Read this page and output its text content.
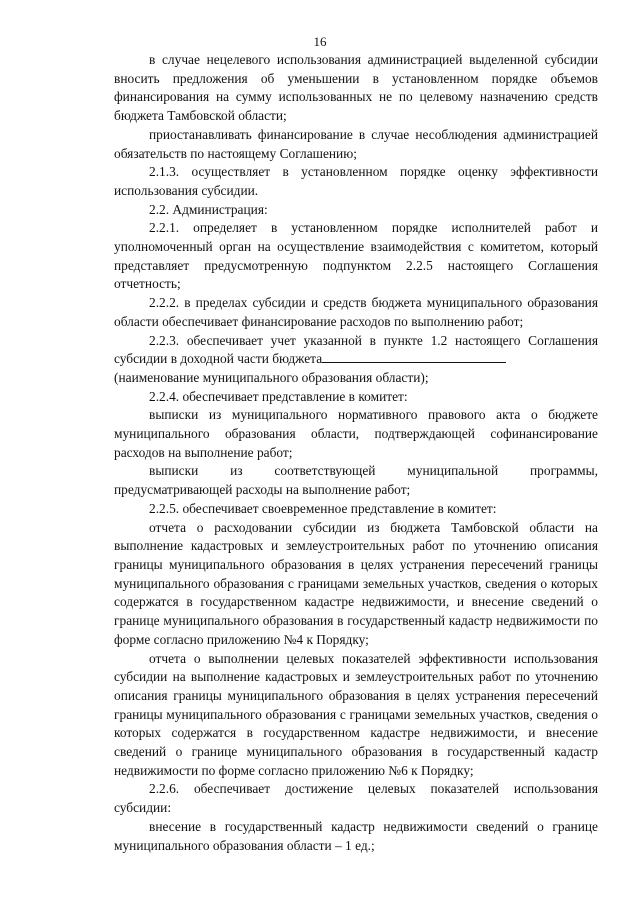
16

в случае нецелевого использования администрацией выделенной субсидии вносить предложения об уменьшении в установленном порядке объемов финансирования на сумму использованных не по целевому назначению средств бюджета Тамбовской области;

приостанавливать финансирование в случае несоблюдения администрацией обязательств по настоящему Соглашению;

2.1.3. осуществляет в установленном порядке оценку эффективности использования субсидии.

2.2. Администрация:

2.2.1. определяет в установленном порядке исполнителей работ и уполномоченный орган на осуществление взаимодействия с комитетом, который представляет предусмотренную подпунктом 2.2.5 настоящего Соглашения отчетность;

2.2.2. в пределах субсидии и средств бюджета муниципального образования области обеспечивает финансирование расходов по выполнению работ;

2.2.3. обеспечивает учет указанной в пункте 1.2 настоящего Соглашения субсидии в доходной части бюджета

(наименование муниципального образования области);

2.2.4. обеспечивает представление в комитет:

выписки из муниципального нормативного правового акта о бюджете муниципального образования области, подтверждающей софинансирование расходов на выполнение работ;

выписки из соответствующей муниципальной программы, предусматривающей расходы на выполнение работ;

2.2.5. обеспечивает своевременное представление в комитет:

отчета о расходовании субсидии из бюджета Тамбовской области на выполнение кадастровых и землеустроительных работ по уточнению описания границы муниципального образования в целях устранения пересечений границы муниципального образования с границами земельных участков, сведения о которых содержатся в государственном кадастре недвижимости, и внесение сведений о границе муниципального образования в государственный кадастр недвижимости по форме согласно приложению №4 к Порядку;

отчета о выполнении целевых показателей эффективности использования субсидии на выполнение кадастровых и землеустроительных работ по уточнению описания границы муниципального образования в целях устранения пересечений границы муниципального образования с границами земельных участков, сведения о которых содержатся в государственном кадастре недвижимости, и внесение сведений о границе муниципального образования в государственный кадастр недвижимости по форме согласно приложению №6 к Порядку;

2.2.6. обеспечивает достижение целевых показателей использования субсидии:

внесение в государственный кадастр недвижимости сведений о границе муниципального образования области – 1 ед.;
